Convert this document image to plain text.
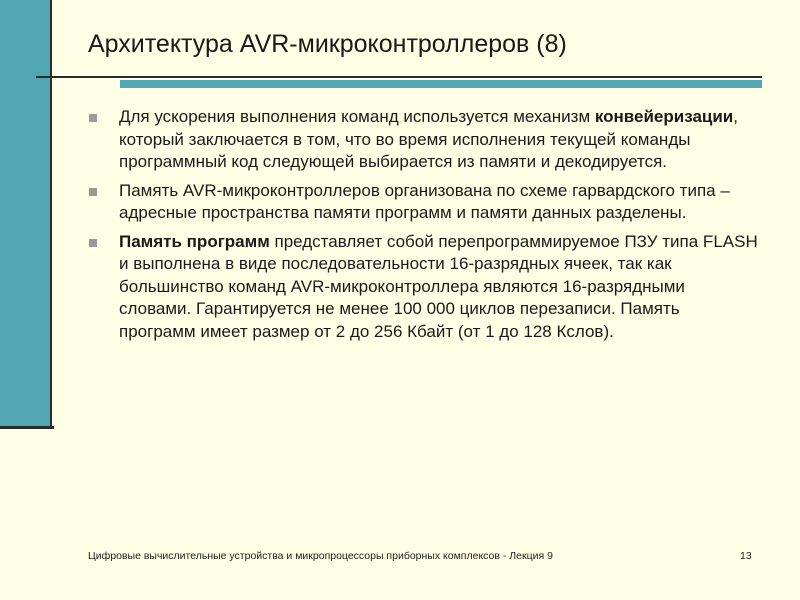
Архитектура AVR-микроконтроллеров (8)
Для ускорения выполнения команд используется механизм конвейеризации, который заключается в том, что во время исполнения текущей команды программный код следующей выбирается из памяти и декодируется.
Память AVR-микроконтроллеров организована по схеме гарвардского типа – адресные пространства памяти программ и памяти данных разделены.
Память программ представляет собой перепрограммируемое ПЗУ типа FLASH и выполнена в виде последовательности 16-разрядных ячеек, так как большинство команд AVR-микроконтроллера являются 16-разрядными словами. Гарантируется не менее 100 000 циклов перезаписи. Память программ имеет размер от 2 до 256 Кбайт (от 1 до 128 Кслов).
Цифровые вычислительные устройства и микропроцессоры приборных комплексов - Лекция 9	13
